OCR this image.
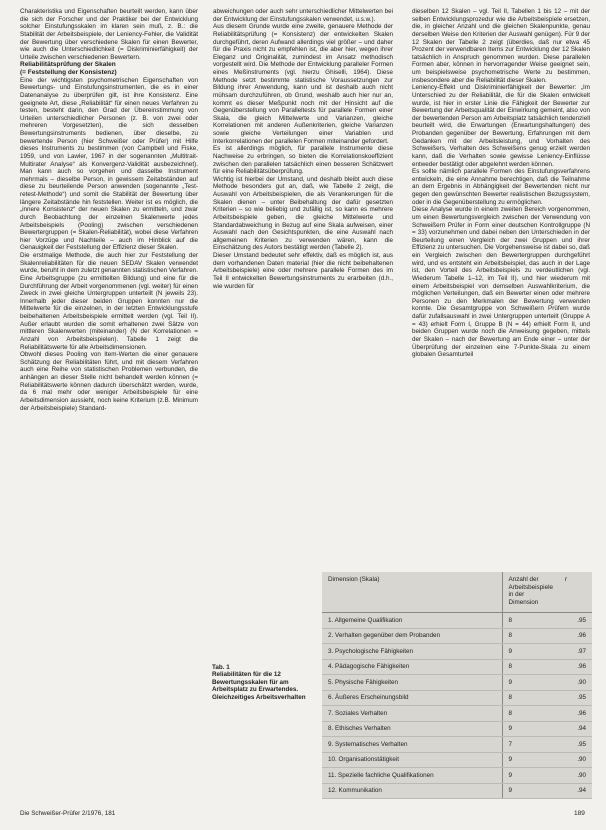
Charakteristika und Eigenschaften beurteilt werden, kann über die sich der Forscher und der Praktiker bei der Entwicklung solcher Einstufungsskalen im klaren sein muß, z. B.: die Stabilität der Arbeitsbeispiele, der Leniency-Fehler, die Validität der Bewertung über verschiedene Skalen für einen Bewerter, wie auch die Unterschiedlichkeit (= Diskriminierfähigkeit) der Urteile zwischen verschiedenen Bewertern.

Reliabilitätsprüfung der Skalen
(= Feststellung der Konsistenz)

Eine der wichtigsten psychometrischen Eigenschaften von Bewertungs- und Einstufungsinstrumenten, die es in einer Datenanalyse zu überprüfen gilt, ist ihre Konsistenz. Eine geeignete Art, diese „Reliabilität“ für einen neues Verfahren zu testen, besteht darin, den Grad der Übereinstimmung von Urteilen unterschiedlicher Personen (z. B. von zwei oder mehreren Vorgesetzten), die sich desselben Bewertungsinstruments bedienen, über dieselbe, zu bewertende Person (hier Schweißer oder Prüfer) mit Hilfe dieses Instruments zu bestimmen (von Campbell und Fiske, 1959, und von Lawler, 1967 in der sogenannten „Multitrait-Multirater Analyse“ als Konvergenz-Validität ausbezeichnet). Man kann auch so vorgehen und dasselbe Instrument mehrmals – dieselbe Person, in gewissem Zeitabständen auf diese zu beurteilende Person anwenden (sogenannte „Test-retest-Methode“) und somit die Stabilität der Bewertung über längere Zeitabstände hin feststellen. Weiter ist es möglich, die „innere Konsistenz“ der neuen Skalen zu ermitteln, und zwar durch Beobachtung der einzelnen Skalenwerte jedes Arbeitsbeispiels (Pooling) zwischen verschiedenen Bewertergruppen (= Skalen-Reliabilität), wobei diese Verfahren hier Vorzüge und Nachteile – auch im Hinblick auf die Genauigkeit der Feststellung der Effizienz dieser Skalen.

Die erstmalige Methode, die auch hier zur Feststellung der Skalenreliabilitäten für die neuen SEDAV Skalen verwendet wurde, beruht in dem zuletzt genannten statistischen Verfahren. Eine Arbeitsgruppe (zu ermittelten Bildung) und eine für die Durchführung der Arbeit vorgenommenen (vgl. weiter) für einen Zweck in zwei gleiche Untergruppen unterteilt (N jeweils 23). Innerhalb jeder dieser beiden Gruppen konnten nur die Mittelwerte für die einzelnen, in der letzten Entwicklungsstufe beibehaltenen Arbeitsbeispiele ermittelt werden (vgl. Teil II). Außer erlaubt wurden die somit erhaltenen zwei Sätze von mittleren Skalenwerten (miteinander) (N der Korrelationen = Anzahl von Arbeitsbeispielen). Tabelle 1 zeigt die Reliabilitätswerte für alle Arbeitsdimensionen.

Obwohl dieses Pooling von Item-Werten die einer genauere Schätzung der Reliabilitäten führt, und mit diesem Verfahren auch eine Reihe von statistischen Problemen verbunden, die anhängen an dieser Stelle nicht behandelt werden können (= Reliabilitätswerte können dadurch überschätzt werden, wurde, da 6 mal mehr oder weniger Arbeitsbeispiele für eine Arbeitsdimension aussieht, noch keine Kriterium (z.B. Minimum der Arbeitsbeispiele) Standard-

abweichungen oder auch sehr unterschiedlicher Mittelwerten bei der Entwicklung der Einstufungsskalen verwendet, u.s.w.).

Aus diesem Grunde wurde eine zweite, genauere Methode der Reliabilitätsprüfung (= Konsistenz) der entwickelten Skalen durchgeführt, deren Aufwand allerdings viel größer – und daher für die Praxis nicht zu empfehlen ist, die aber hier, wegen ihrer Eleganz und Originalität, zumindest im Ansatz methodisch vorgestellt wird. Die Methode der Entwicklung paralleler Formen eines Meßinstruments (vgl. hierzu Ghiselli, 1964). Diese Methode setzt bestimmte statistische Voraussetzungen zur Bildung ihrer Anwendung, kann und ist deshalb auch nicht mühsam durchzuführen, ob Grund, weshalb auch hier nur an, kommt es dieser Meßpunkt noch mit der Hinsicht auf die Gegenüberstellung von Paralleltests für parallele Formen einer Skala, die gleich Mittelwerte und Varianzen, gleiche Korrelationen mit anderen Außenkriterien, gleiche Varianzen sowie gleiche Verteilungen einer Variablen und Interkorrelationen der parallelen Formen miteinander gefordert.

Es ist allerdings möglich, für parallele Instrumente diese Nachweise zu erbringen, so bieten die Korrelationskoeffizient zwischen den parallelen tatsächlich einen besseren Schätzwert für eine Reliabilitätsüberprüfung.

Wichtig ist hierbei der Umstand, und deshalb bleibt auch diese Methode besonders gut an, daß, wie Tabelle 2 zeigt, die Auswahl von Arbeitsbeispielen, die als Verankerungen für die Skalen dienen – unter Beibehaltung der dafür gesetzten Kriterien – so wie beliebig und zufällig ist, so kann es mehrere Arbeitsbeispiele geben, die gleiche Mittelwerte und Standardabweichung in Bezug auf eine Skala aufweisen, einer Auswahl nach den Gesichtspunkten, die eine Auswahl nach allgemeinen Kriterien zu verwenden wären, kann die Einschätzung des Autors bestätigt werden (Tabelle 2).

Dieser Umstand bedeutet sehr effektiv, daß es möglich ist, aus dem vorhandenen Daten material (hier die nicht beibehaltenen Arbeitsbeispiele) eine oder mehrere parallele Formen des im Teil II entwickelten Bewertungsinstruments zu erarbeiten (d.h., wie wurden für

dieselben 12 Skalen – vgl. Teil II, Tabellen 1 bis 12 – mit der selben Entwicklungsprozedur wie die Arbeitsbeispiele ersetzen, die, in gleicher Anzahl und die gleichen Skalenpunkte, genau derselben Weise den Kriterien der Auswahl genügen). Für 9 der 12 Skalen der Tabelle 2 zeigt (überdies, daß nur etwa 45 Prozent der verwendbaren Items zur Entwicklung der 12 Skalen tatsächlich in Anspruch genommen wurden. Diese parallelen Formen aber, können in hervorragender Weise geeignet sein, um beispielsweise psychometrische Werte zu bestimmen, insbesondere aber die Reliabilität dieser Skalen.

Leniency-Effekt und Diskriminierfähigkeit der Bewerter: „Im Unterschied zu der Reliabilität, die für die Skalen entwickelt wurde, ist hier in erster Linie die Fähigkeit der Bewerter zur Bewertung der Arbeitsqualität der Einwirkung gemeint, also von der bewertenden Person am Arbeitsplatz tatsächlich tendenziell beurteilt wird, die Erwartungen (Erwartungshaltungen) des Probanden gegenüber der Bewertung, Erfahrungen mit dem Gedanken mit der Arbeitsleistung, und Vorhalten des Schweißers, Verhalten des Schweißens genug erzielt werden kann, daß die Verhalten sowie gewisse Leniency-Einflüsse entweder bestätigt oder abgelehnt werden können.

Es sollte nämlich parallele Formen des Einstufungsverfahrens entwickeln, die eine Annahme berechtigen, daß die Teilnahme an dem Ergebnis in Abhängigkeit der Bewertenden nicht nur gegen den gewünschten Bewerter realistischen Bezugssystem, oder in die Gegenüberstellung zu ermöglichen.

Diese Analyse wurde in einem zweiten Bereich vorgenommen, um einen Bewertungsvergleich zwischen der Verwendung von Schweißern Prüfer in Form einer deutschen Kontrollgruppe (N = 33) vorzunehmen und dabei neben den Unterschieden in der Beurteilung einen Vergleich der zwei Gruppen und ihrer Effizienz zu untersuchen. Die Vorgehensweise ist dabei so, daß ein Vergleich zwischen den Bewertergruppen durchgeführt wird, und es entsteht ein Arbeitsbeispiel, das auch in der Lage ist, den Vorteil des Arbeitsbeispiels zu verdeutlichen (vgl. Wiederum Tabelle 1–12, im Teil II), und hier wiederum mit einem Arbeitsbeispiel von demselben Auswahlkriterium, die möglichen Verteilungen, daß ein Bewerter einen oder mehrere Personen zu den Merkmalen der Bewertung verwenden konnte. Die Gesamtgruppe von Schweißern Prüfern wurde dafür zufallsauswahl in zwei Untergruppen unterteilt (Gruppe A = 43) erhielt Form I, Gruppe B (N = 44) erhielt Form II, und beiden Gruppen wurde noch die Anweisung gegeben, mittels der Skalen – nach der Bewertung am Ende einer – unter der Überprüfung der einzelnen eine 7-Punkte-Skala zu einem globalen Gesamturteil

Tab. 1
Reliabilitäten für die 12 Bewertungsskalen für am Arbeitsplatz zu Erwartendes. Gleichzeitiges Arbeitsverhalten
Dimension (Skala)	Anzahl der Arbeitsbeispiele in der Dimension	r
1. Allgemeine Qualifikation	8	.95
2. Verhalten gegenüber dem Probanden	8	.96
3. Psychologische Fähigkeiten	9	.97
4. Pädagogische Fähigkeiten	8	.96
5. Physische Fähigkeiten	9	.90
6. Äußeres Erscheinungsbild	8	.95
7. Soziales Verhalten	8	.96
8. Ethisches Verhalten	9	.94
9. Systematisches Verhalten	7	.95
10. Organisationstätigkeit	9	.90
11. Spezielle fachliche Qualifikationen	9	.90
12. Kommunikation	9	.94
Die Schweißer-Prüfer 2/1976, 181	189
